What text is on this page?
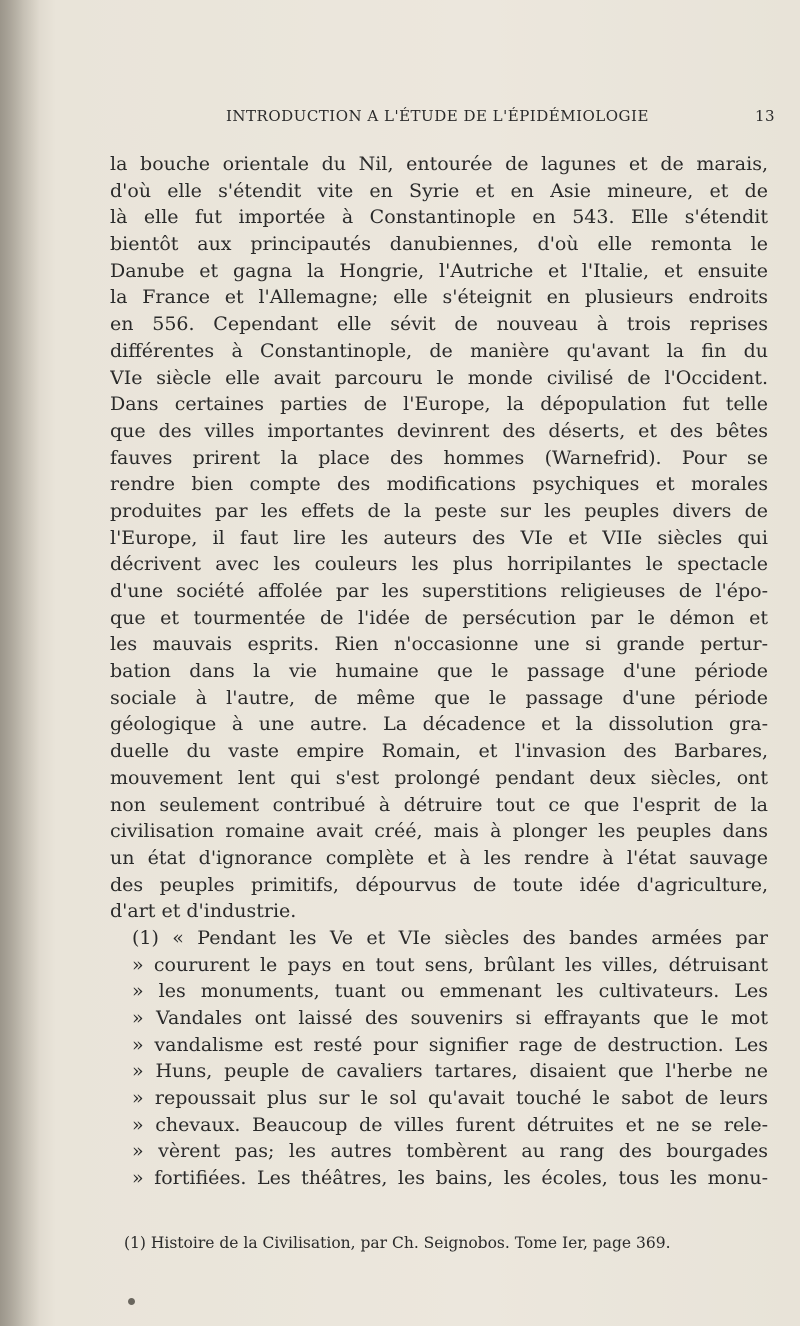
INTRODUCTION A L'ÉTUDE DE L'ÉPIDÉMIOLOGIE	13
la bouche orientale du Nil, entourée de lagunes et de marais,
d'où elle s'étendit vite en Syrie et en Asie mineure, et de
là elle fut importée à Constantinople en 543. Elle s'étendit
bientôt aux principautés danubiennes, d'où elle remonta le
Danube et gagna la Hongrie, l'Autriche et l'Italie, et ensuite
la France et l'Allemagne; elle s'éteignit en plusieurs endroits
en 556. Cependant elle sévit de nouveau à trois reprises
différentes à Constantinople, de manière qu'avant la fin du
VIe siècle elle avait parcouru le monde civilisé de l'Occident.
Dans certaines parties de l'Europe, la dépopulation fut telle
que des villes importantes devinrent des déserts, et des bêtes
fauves prirent la place des hommes (Warnefrid). Pour se
rendre bien compte des modifications psychiques et morales
produites par les effets de la peste sur les peuples divers de
l'Europe, il faut lire les auteurs des VIe et VIIe siècles qui
décrivent avec les couleurs les plus horripilantes le spectacle
d'une société affolée par les superstitions religieuses de l'épo-
que et tourmentée de l'idée de persécution par le démon et
les mauvais esprits. Rien n'occasionne une si grande pertur-
bation dans la vie humaine que le passage d'une période
sociale à l'autre, de même que le passage d'une période
géologique à une autre. La décadence et la dissolution gra-
duelle du vaste empire Romain, et l'invasion des Barbares,
mouvement lent qui s'est prolongé pendant deux siècles, ont
non seulement contribué à détruire tout ce que l'esprit de la
civilisation romaine avait créé, mais à plonger les peuples dans
un état d'ignorance complète et à les rendre à l'état sauvage
des peuples primitifs, dépourvus de toute idée d'agriculture,
d'art et d'industrie.
(1) « Pendant les Ve et VIe siècles des bandes armées par
» coururent le pays en tout sens, brûlant les villes, détruisant
» les monuments, tuant ou emmenant les cultivateurs. Les
» Vandales ont laissé des souvenirs si effrayants que le mot
» vandalisme est resté pour signifier rage de destruction. Les
» Huns, peuple de cavaliers tartares, disaient que l'herbe ne
» repoussait plus sur le sol qu'avait touché le sabot de leurs
» chevaux. Beaucoup de villes furent détruites et ne se rele-
» vèrent pas; les autres tombèrent au rang des bourgades
» fortifiées. Les théâtres, les bains, les écoles, tous les monu-
(1) Histoire de la Civilisation, par Ch. Seignobos. Tome Ier, page 369.
